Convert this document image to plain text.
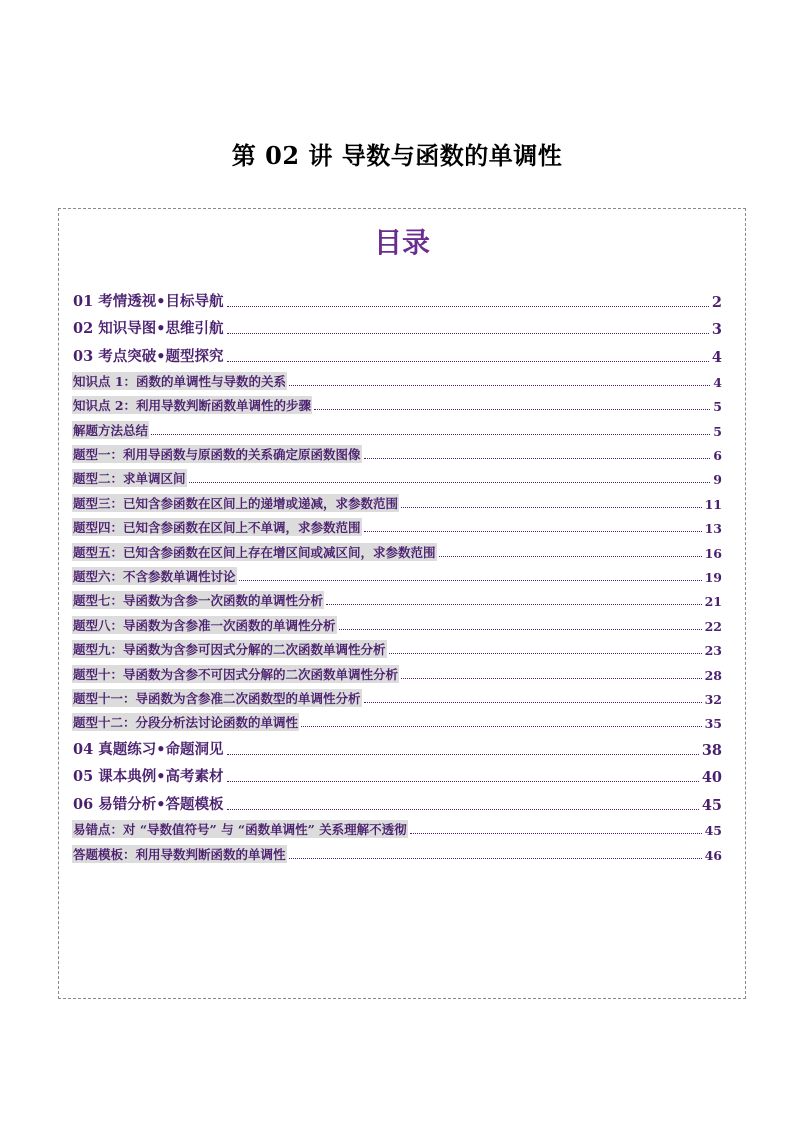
第 02 讲 导数与函数的单调性
目录
01 考情透视•目标导航	2
02 知识导图•思维引航	3
03 考点突破•题型探究	4
知识点 1：函数的单调性与导数的关系	4
知识点 2：利用导数判断函数单调性的步骤	5
解题方法总结	5
题型一：利用导函数与原函数的关系确定原函数图像	6
题型二：求单调区间	9
题型三：已知含参函数在区间上的递增或递减，求参数范围	11
题型四：已知含参函数在区间上不单调，求参数范围	13
题型五：已知含参函数在区间上存在增区间或减区间，求参数范围	16
题型六：不含参数单调性讨论	19
题型七：导函数为含参一次函数的单调性分析	21
题型八：导函数为含参准一次函数的单调性分析	22
题型九：导函数为含参可因式分解的二次函数单调性分析	23
题型十：导函数为含参不可因式分解的二次函数单调性分析	28
题型十一：导函数为含参准二次函数型的单调性分析	32
题型十二：分段分析法讨论函数的单调性	35
04 真题练习•命题洞见	38
05 课本典例•高考素材	40
06 易错分析•答题模板	45
易错点：对 “导数值符号” 与 “函数单调性” 关系理解不透彻	45
答题模板：利用导数判断函数的单调性	46
